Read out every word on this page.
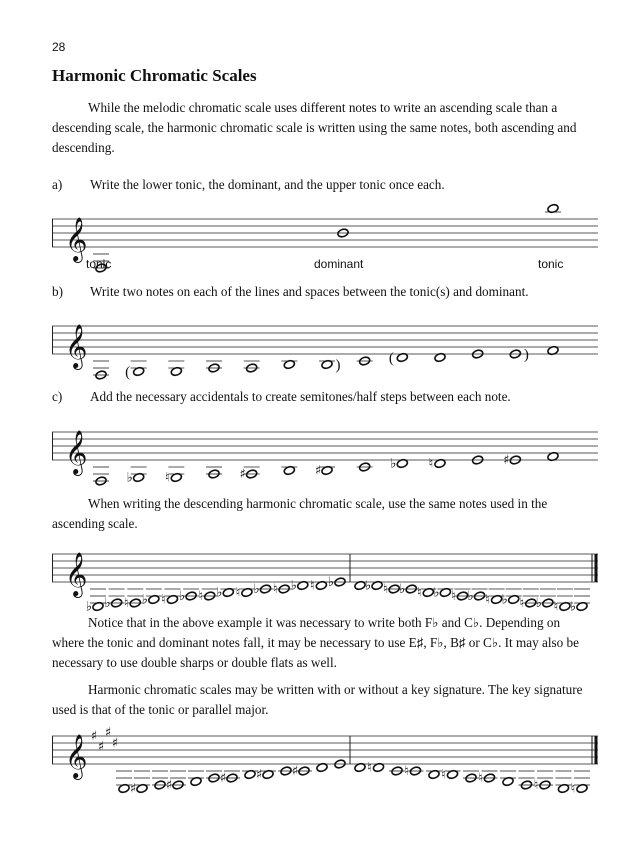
28
Harmonic Chromatic Scales
While the melodic chromatic scale uses different notes to write an ascending scale than a descending scale, the harmonic chromatic scale is written using the same notes, both ascending and descending.
a) Write the lower tonic, the dominant, and the upper tonic once each.
𝄞
tonic	dominant	tonic
b) Write two notes on each of the lines and spaces between the tonic(s) and dominant.
𝄞
(	)	(	)
c) Add the necessary accidentals to create semitones/half steps between each note.
𝄞
♭ ♮	♯	♯	♭ ♮	♯
When writing the descending harmonic chromatic scale, use the same notes used in the ascending scale.
𝄞
♭ ♭ ♮ ♭ ♮ ♭ ♮ ♭ ♮ ♭ ♮ ♭ ♮ ♭ ♭ ♮ ♭ ♮ ♭ ♮ ♭ ♮ ♭ ♮ ♭ ♮ ♭
Notice that in the above example it was necessary to write both F♭ and C♭. Depending on where the tonic and dominant notes fall, it may be necessary to use E♯, F♭, B♯ or C♭. It may also be necessary to use double sharps or double flats as well.
Harmonic chromatic scales may be written with or without a key signature. The key signature used is that of the tonic or parallel major.
𝄞 ♯
♯
♯
♯
♯ ♯	♯ ♯ ♯	♮ ♮ ♮ ♮	♮ ♮
